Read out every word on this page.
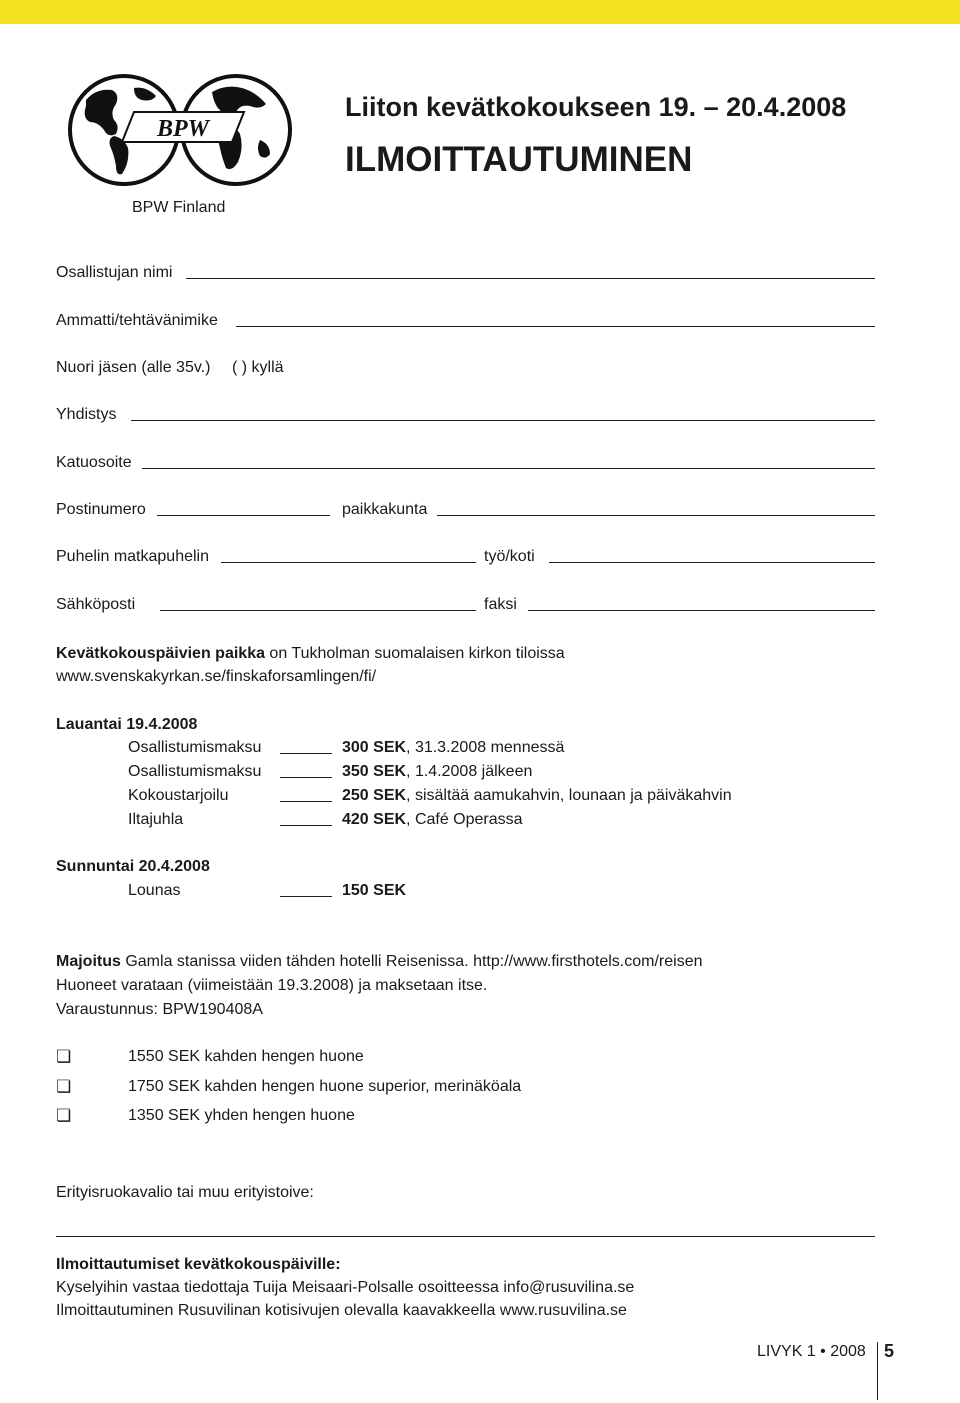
BPW
Liiton kevätkokoukseen 19. – 20.4.2008
ILMOITTAUTUMINEN
BPW Finland
Osallistujan nimi
Ammatti/tehtävänimike
Nuori jäsen (alle 35v.) ( ) kyllä
Yhdistys
Katuosoite
Postinumero	paikkakunta
Puhelin matkapuhelin	työ/koti
Sähköposti	faksi
Kevätkokouspäivien paikka on Tukholman suomalaisen kirkon tiloissa
www.svenskakyrkan.se/finskaforsamlingen/fi/
Lauantai 19.4.2008
Osallistumismaksu	300 SEK, 31.3.2008 mennessä
Osallistumismaksu	350 SEK, 1.4.2008 jälkeen
Kokoustarjoilu	250 SEK, sisältää aamukahvin, lounaan ja päiväkahvin
Iltajuhla	420 SEK, Café Operassa
Sunnuntai 20.4.2008
Lounas	150 SEK
Majoitus Gamla stanissa viiden tähden hotelli Reisenissa. http://www.firsthotels.com/reisen
Huoneet varataan (viimeistään 19.3.2008) ja maksetaan itse.
Varaustunnus: BPW190408A
❏	1550 SEK kahden hengen huone
❏	1750 SEK kahden hengen huone superior, merinäköala
❏	1350 SEK yhden hengen huone
Erityisruokavalio tai muu erityistoive:
Ilmoittautumiset kevätkokouspäiville:
Kyselyihin vastaa tiedottaja Tuija Meisaari-Polsalle osoitteessa info@rusuvilina.se
Ilmoittautuminen Rusuvilinan kotisivujen olevalla kaavakkeella www.rusuvilina.se
LIVYK 1 • 2008 5
